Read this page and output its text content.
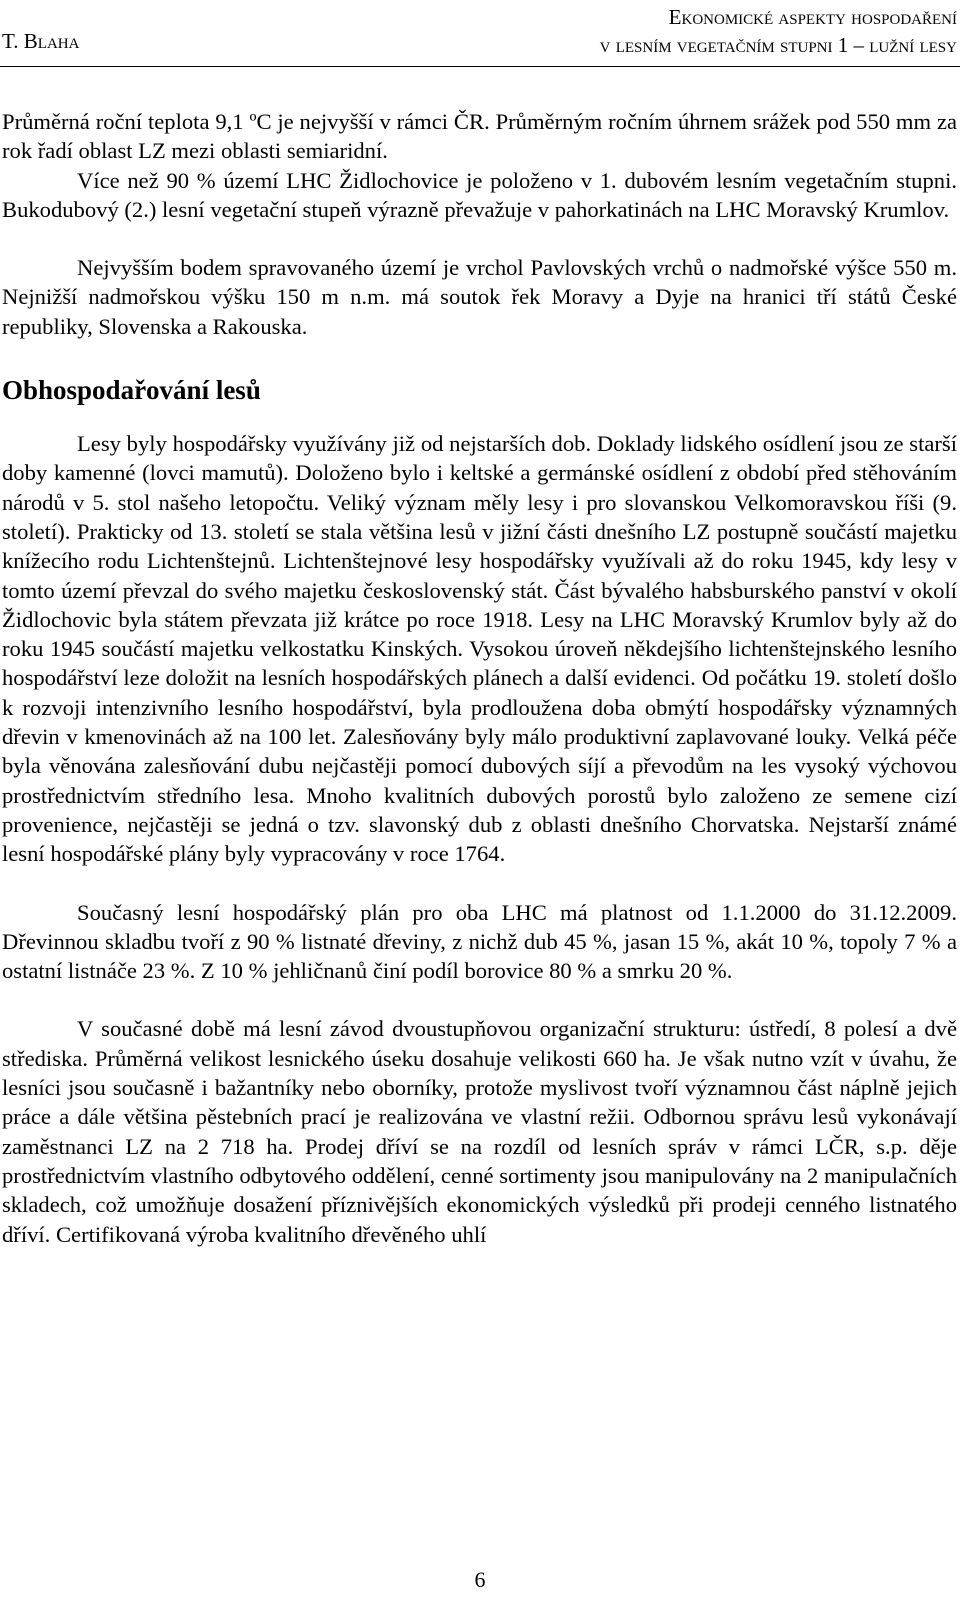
T. Blaha
Ekonomické aspekty hospodaření
v lesním vegetačním stupni 1 – lužní lesy

Průměrná roční teplota 9,1 ºC je nejvyšší v rámci ČR. Průměrným ročním úhrnem srážek pod 550 mm za rok řadí oblast LZ mezi oblasti semiaridní.

Více než 90 % území LHC Židlochovice je položeno v 1. dubovém lesním vegetačním stupni. Bukodubový (2.) lesní vegetační stupeň výrazně převažuje v pahorkatinách na LHC Moravský Krumlov.

Nejvyšším bodem spravovaného území je vrchol Pavlovských vrchů o nadmořské výšce 550 m. Nejnižší nadmořskou výšku 150 m n.m. má soutok řek Moravy a Dyje na hranici tří států České republiky, Slovenska a Rakouska.

Obhospodařování lesů

Lesy byly hospodářsky využívány již od nejstarších dob. Doklady lidského osídlení jsou ze starší doby kamenné (lovci mamutů). Doloženo bylo i keltské a germánské osídlení z období před stěhováním národů v 5. stol našeho letopočtu. Veliký význam měly lesy i pro slovanskou Velkomoravskou říši (9. století). Prakticky od 13. století se stala většina lesů v jižní části dnešního LZ postupně součástí majetku knížecího rodu Lichtenštejnů. Lichtenštejnové lesy hospodářsky využívali až do roku 1945, kdy lesy v tomto území převzal do svého majetku československý stát. Část bývalého habsburského panství v okolí Židlochovic byla státem převzata již krátce po roce 1918. Lesy na LHC Moravský Krumlov byly až do roku 1945 součástí majetku velkostatku Kinských. Vysokou úroveň někdejšího lichtenštejnského lesního hospodářství leze doložit na lesních hospodářských plánech a další evidenci. Od počátku 19. století došlo k rozvoji intenzivního lesního hospodářství, byla prodloužena doba obmýtí hospodářsky významných dřevin v kmenovinách až na 100 let. Zalesňovány byly málo produktivní zaplavované louky. Velká péče byla věnována zalesňování dubu nejčastěji pomocí dubových síjí a převodům na les vysoký výchovou prostřednictvím středního lesa. Mnoho kvalitních dubových porostů bylo založeno ze semene cizí provenience, nejčastěji se jedná o tzv. slavonský dub z oblasti dnešního Chorvatska. Nejstarší známé lesní hospodářské plány byly vypracovány v roce 1764.

Současný lesní hospodářský plán pro oba LHC má platnost od 1.1.2000 do 31.12.2009. Dřevinnou skladbu tvoří z 90 % listnaté dřeviny, z nichž dub 45 %, jasan 15 %, akát 10 %, topoly 7 % a ostatní listnáče 23 %. Z 10 % jehličnanů činí podíl borovice 80 % a smrku 20 %.

V současné době má lesní závod dvoustupňovou organizační strukturu: ústředí, 8 polesí a dvě střediska. Průměrná velikost lesnického úseku dosahuje velikosti 660 ha. Je však nutno vzít v úvahu, že lesníci jsou současně i bažantníky nebo oborníky, protože myslivost tvoří významnou část náplně jejich práce a dále většina pěstebních prací je realizována ve vlastní režii. Odbornou správu lesů vykonávají zaměstnanci LZ na 2 718 ha. Prodej dříví se na rozdíl od lesních správ v rámci LČR, s.p. děje prostřednictvím vlastního odbytového oddělení, cenné sortimenty jsou manipulovány na 2 manipulačních skladech, což umožňuje dosažení příznivějších ekonomických výsledků při prodeji cenného listnatého dříví. Certifikovaná výroba kvalitního dřevěného uhlí

6
